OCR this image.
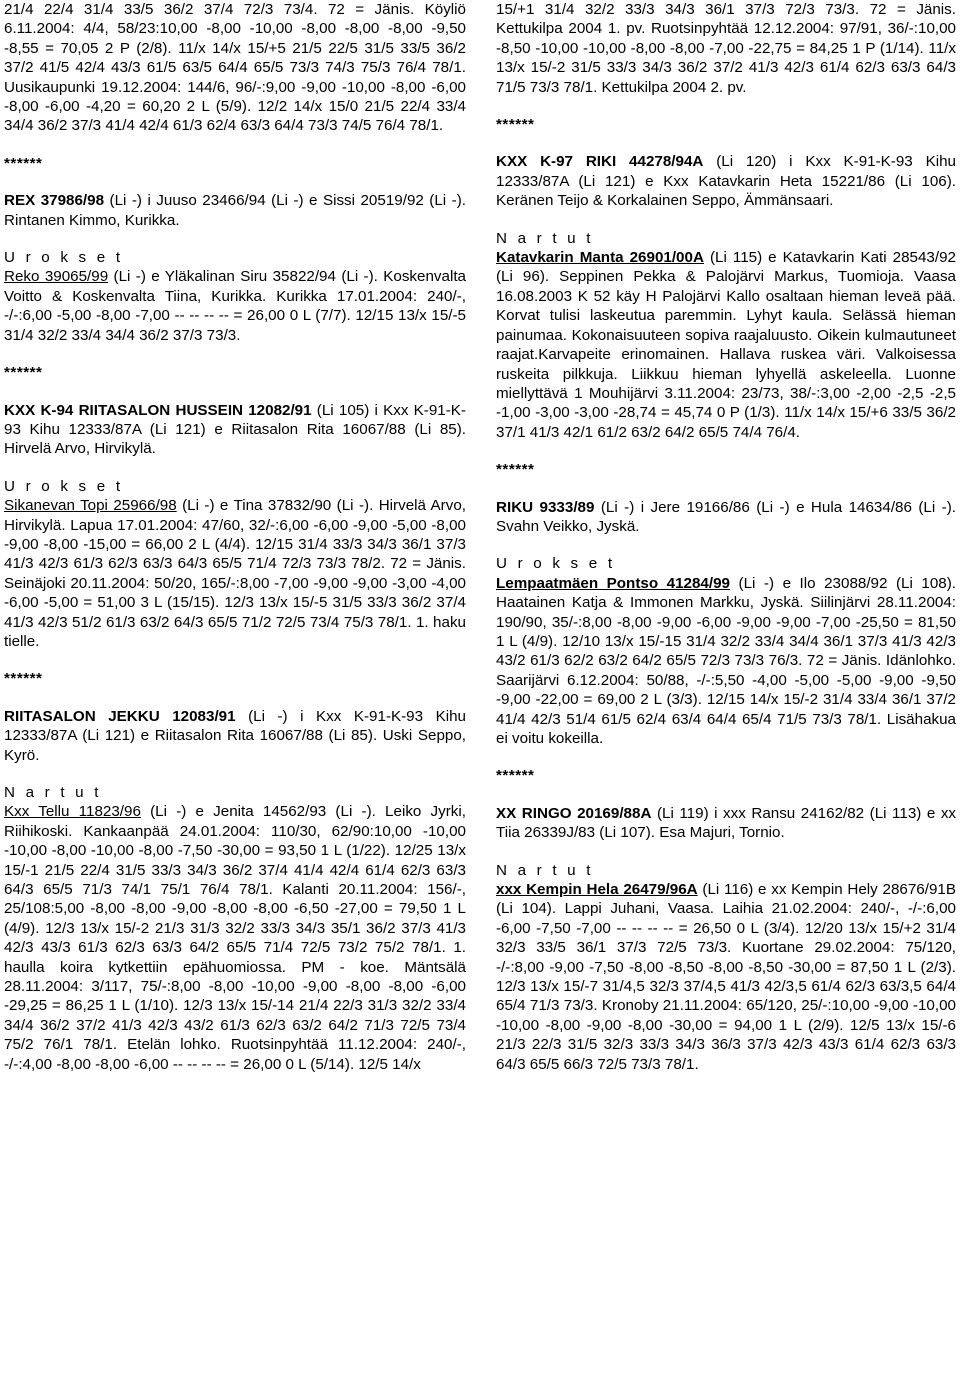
21/4 22/4 31/4 33/5 36/2 37/4 72/3 73/4. 72 = Jänis. Köyliö 6.11.2004: 4/4, 58/23:10,00 -8,00 -10,00 -8,00 -8,00 -8,00 -9,50 -8,55 = 70,05 2 P (2/8). 11/x 14/x 15/+5 21/5 22/5 31/5 33/5 36/2 37/2 41/5 42/4 43/3 61/5 63/5 64/4 65/5 73/3 74/3 75/3 76/4 78/1. Uusikaupunki 19.12.2004: 144/6, 96/-:9,00 -9,00 -10,00 -8,00 -6,00 -8,00 -6,00 -4,20 = 60,20 2 L (5/9). 12/2 14/x 15/0 21/5 22/4 33/4 34/4 36/2 37/3 41/4 42/4 61/3 62/4 63/3 64/4 73/3 74/5 76/4 78/1.

******

REX 37986/98 (Li -) i Juuso 23466/94 (Li -) e Sissi 20519/92 (Li -). Rintanen Kimmo, Kurikka.

U r o k s e t

Reko 39065/99 (Li -) e Yläkalinan Siru 35822/94 (Li -). Koskenvalta Voitto & Koskenvalta Tiina, Kurikka. Kurikka 17.01.2004: 240/-, -/-:6,00 -5,00 -8,00 -7,00 -- -- -- -- = 26,00 0 L (7/7). 12/15 13/x 15/-5 31/4 32/2 33/4 34/4 36/2 37/3 73/3.

******

KXX K-94 RIITASALON HUSSEIN 12082/91 (Li 105) i Kxx K-91-K-93 Kihu 12333/87A (Li 121) e Riitasalon Rita 16067/88 (Li 85). Hirvelä Arvo, Hirvikylä.

U r o k s e t

Sikanevan Topi 25966/98 (Li -) e Tina 37832/90 (Li -). Hirvelä Arvo, Hirvikylä. Lapua 17.01.2004: 47/60, 32/-:6,00 -6,00 -9,00 -5,00 -8,00 -9,00 -8,00 -15,00 = 66,00 2 L (4/4). 12/15 31/4 33/3 34/3 36/1 37/3 41/3 42/3 61/3 62/3 63/3 64/3 65/5 71/4 72/3 73/3 78/2. 72 = Jänis. Seinäjoki 20.11.2004: 50/20, 165/-:8,00 -7,00 -9,00 -9,00 -3,00 -4,00 -6,00 -5,00 = 51,00 3 L (15/15). 12/3 13/x 15/-5 31/5 33/3 36/2 37/4 41/3 42/3 51/2 61/3 63/2 64/3 65/5 71/2 72/5 73/4 75/3 78/1. 1. haku tielle.

******

RIITASALON JEKKU 12083/91 (Li -) i Kxx K-91-K-93 Kihu 12333/87A (Li 121) e Riitasalon Rita 16067/88 (Li 85). Uski Seppo, Kyrö.

N a r t u t

Kxx Tellu 11823/96 (Li -) e Jenita 14562/93 (Li -). Leiko Jyrki, Riihikoski. Kankaanpää 24.01.2004: 110/30, 62/90:10,00 -10,00 -10,00 -8,00 -10,00 -8,00 -7,50 -30,00 = 93,50 1 L (1/22). 12/25 13/x 15/-1 21/5 22/4 31/5 33/3 34/3 36/2 37/4 41/4 42/4 61/4 62/3 63/3 64/3 65/5 71/3 74/1 75/1 76/4 78/1. Kalanti 20.11.2004: 156/-, 25/108:5,00 -8,00 -8,00 -9,00 -8,00 -8,00 -6,50 -27,00 = 79,50 1 L (4/9). 12/3 13/x 15/-2 21/3 31/3 32/2 33/3 34/3 35/1 36/2 37/3 41/3 42/3 43/3 61/3 62/3 63/3 64/2 65/5 71/4 72/5 73/2 75/2 78/1. 1. haulla koira kytkettiin epähuomiossa. PM - koe. Mäntsälä 28.11.2004: 3/117, 75/-:8,00 -8,00 -10,00 -9,00 -8,00 -8,00 -6,00 -29,25 = 86,25 1 L (1/10). 12/3 13/x 15/-14 21/4 22/3 31/3 32/2 33/4 34/4 36/2 37/2 41/3 42/3 43/2 61/3 62/3 63/2 64/2 71/3 72/5 73/4 75/2 76/1 78/1. Etelän lohko. Ruotsinpyhtää 11.12.2004: 240/-, -/-:4,00 -8,00 -8,00 -6,00 -- -- -- -- = 26,00 0 L (5/14). 12/5 14/x

15/+1 31/4 32/2 33/3 34/3 36/1 37/3 72/3 73/3. 72 = Jänis. Kettukilpa 2004 1. pv. Ruotsinpyhtää 12.12.2004: 97/91, 36/-:10,00 -8,50 -10,00 -10,00 -8,00 -8,00 -7,00 -22,75 = 84,25 1 P (1/14). 11/x 13/x 15/-2 31/5 33/3 34/3 36/2 37/2 41/3 42/3 61/4 62/3 63/3 64/3 71/5 73/3 78/1. Kettukilpa 2004 2. pv.

******

KXX K-97 RIKI 44278/94A (Li 120) i Kxx K-91-K-93 Kihu 12333/87A (Li 121) e Kxx Katavkarin Heta 15221/86 (Li 106). Keränen Teijo & Korkalainen Seppo, Ämmänsaari.

N a r t u t

Katavkarin Manta 26901/00A (Li 115) e Katavkarin Kati 28543/92 (Li 96). Seppinen Pekka & Palojärvi Markus, Tuomioja. Vaasa 16.08.2003 K 52 käy H Palojärvi Kallo osaltaan hieman leveä pää. Korvat tulisi laskeutua paremmin. Lyhyt kaula. Selässä hieman painumaa. Kokonaisuuteen sopiva raajaluusto. Oikein kulmautuneet raajat.Karvapeite erinomainen. Hallava ruskea väri. Valkoisessa ruskeita pilkkuja. Liikkuu hieman lyhyellä askeleella. Luonne miellyttävä 1 Mouhijärvi 3.11.2004: 23/73, 38/-:3,00 -2,00 -2,5 -2,5 -1,00 -3,00 -3,00 -28,74 = 45,74 0 P (1/3). 11/x 14/x 15/+6 33/5 36/2 37/1 41/3 42/1 61/2 63/2 64/2 65/5 74/4 76/4.

******

RIKU 9333/89 (Li -) i Jere 19166/86 (Li -) e Hula 14634/86 (Li -). Svahn Veikko, Jyskä.

U r o k s e t

Lempaatmäen Pontso 41284/99 (Li -) e Ilo 23088/92 (Li 108). Haatainen Katja & Immonen Markku, Jyskä. Siilinjärvi 28.11.2004: 190/90, 35/-:8,00 -8,00 -9,00 -6,00 -9,00 -9,00 -7,00 -25,50 = 81,50 1 L (4/9). 12/10 13/x 15/-15 31/4 32/2 33/4 34/4 36/1 37/3 41/3 42/3 43/2 61/3 62/2 63/2 64/2 65/5 72/3 73/3 76/3. 72 = Jänis. Idänlohko. Saarijärvi 6.12.2004: 50/88, -/-:5,50 -4,00 -5,00 -5,00 -9,00 -9,50 -9,00 -22,00 = 69,00 2 L (3/3). 12/15 14/x 15/-2 31/4 33/4 36/1 37/2 41/4 42/3 51/4 61/5 62/4 63/4 64/4 65/4 71/5 73/3 78/1. Lisähakua ei voitu kokeilla.

******

XX RINGO 20169/88A (Li 119) i xxx Ransu 24162/82 (Li 113) e xx Tiia 26339J/83 (Li 107). Esa Majuri, Tornio.

N a r t u t

xxx Kempin Hela 26479/96A (Li 116) e xx Kempin Hely 28676/91B (Li 104). Lappi Juhani, Vaasa. Laihia 21.02.2004: 240/-, -/-:6,00 -6,00 -7,50 -7,00 -- -- -- -- = 26,50 0 L (3/4). 12/20 13/x 15/+2 31/4 32/3 33/5 36/1 37/3 72/5 73/3. Kuortane 29.02.2004: 75/120, -/-:8,00 -9,00 -7,50 -8,00 -8,50 -8,00 -8,50 -30,00 = 87,50 1 L (2/3). 12/3 13/x 15/-7 31/4,5 32/3 37/4,5 41/3 42/3,5 61/4 62/3 63/3,5 64/4 65/4 71/3 73/3. Kronoby 21.11.2004: 65/120, 25/-:10,00 -9,00 -10,00 -10,00 -8,00 -9,00 -8,00 -30,00 = 94,00 1 L (2/9). 12/5 13/x 15/-6 21/3 22/3 31/5 32/3 33/3 34/3 36/3 37/3 42/3 43/3 61/4 62/3 63/3 64/3 65/5 66/3 72/5 73/3 78/1.
